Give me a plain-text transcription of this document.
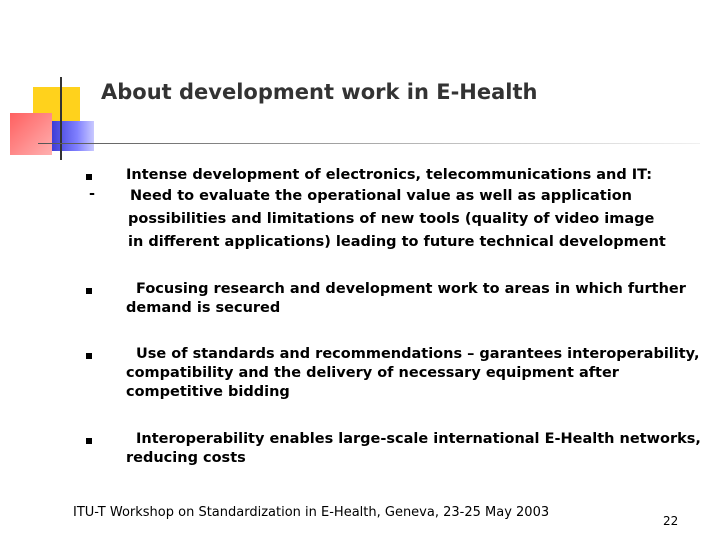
About development work in E-Health

Intense development of electronics, telecommunications and IT:

- Need to evaluate the operational value as well as application

possibilities and limitations of new tools (quality of video image

in different applications) leading to future technical development

Focusing research and development work to areas in which further

demand is secured

Use of standards and recommendations – garantees interoperability,

compatibility and the delivery of necessary equipment after

competitive bidding

Interoperability enables large-scale international E-Health networks,

reducing costs

ITU-T Workshop on Standardization in E-Health, Geneva, 23-25 May 2003

22
